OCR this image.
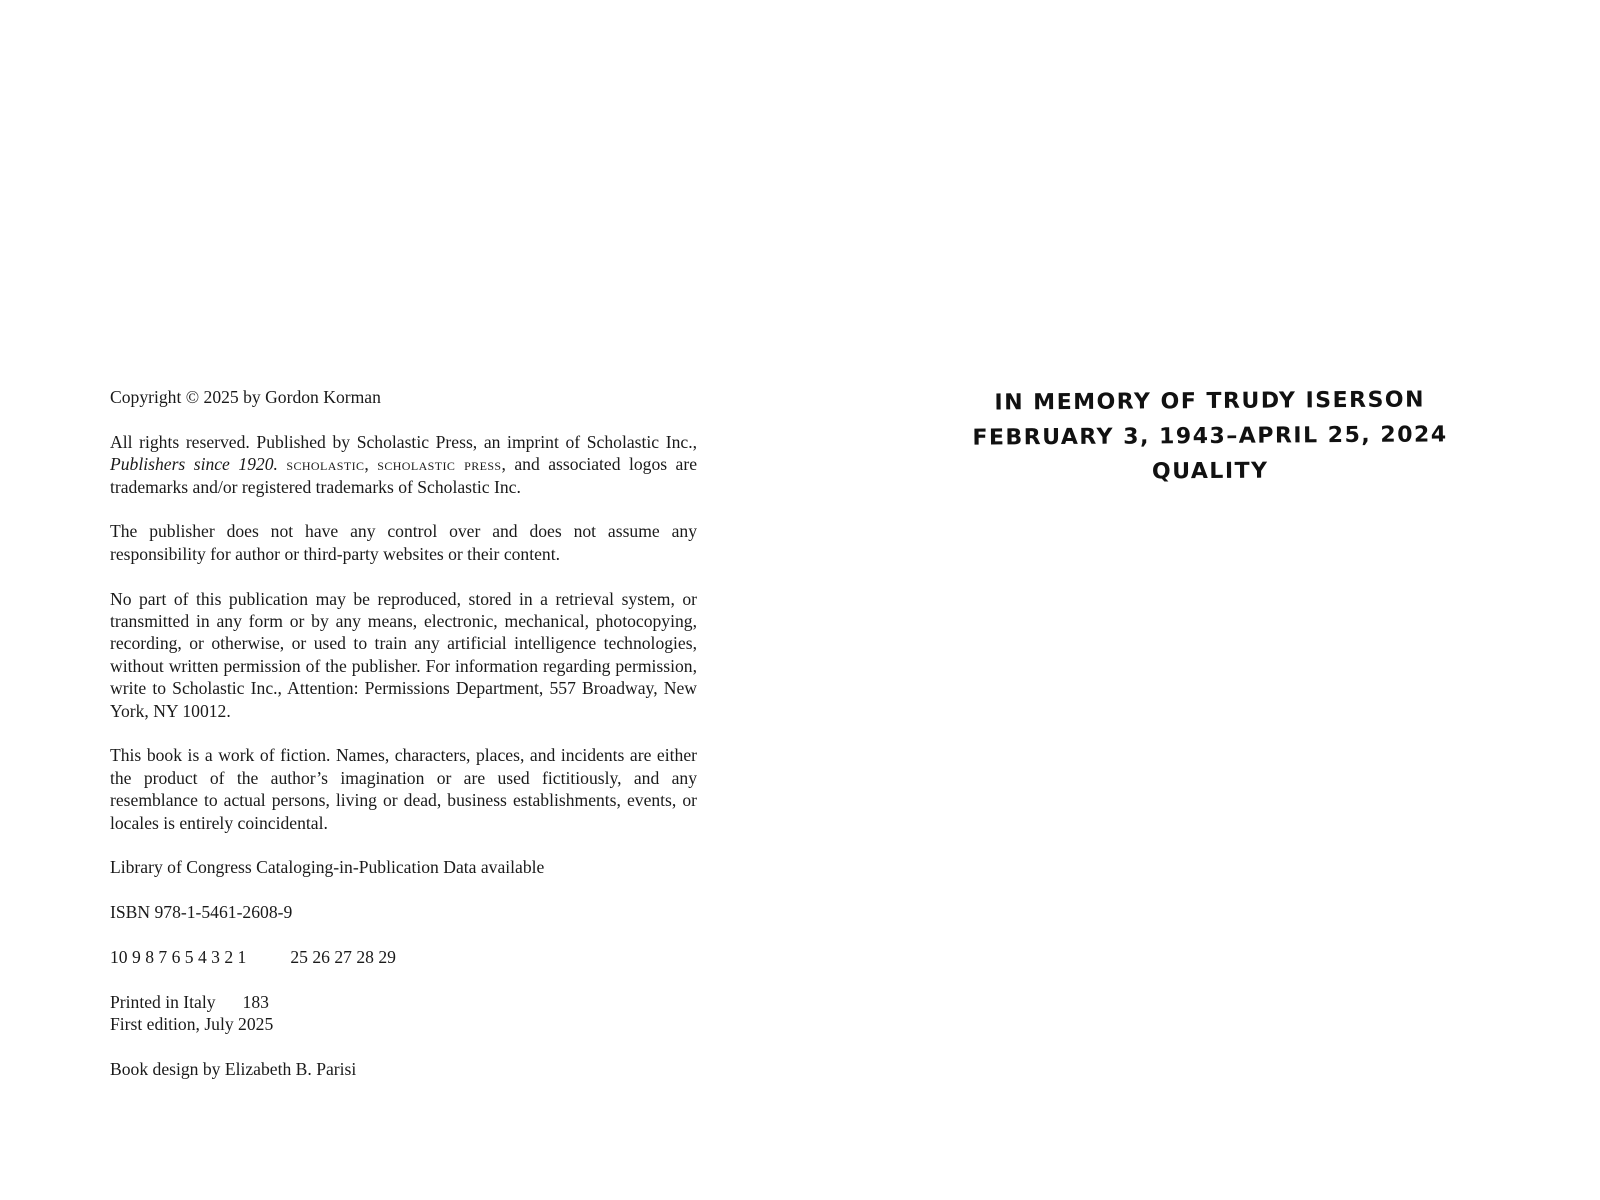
Copyright © 2025 by Gordon Korman

All rights reserved. Published by Scholastic Press, an imprint of Scholastic Inc., Publishers since 1920. scholastic, scholastic press, and associated logos are trademarks and/or registered trademarks of Scholastic Inc.

The publisher does not have any control over and does not assume any responsibility for author or third-party websites or their content.

No part of this publication may be reproduced, stored in a retrieval system, or transmitted in any form or by any means, electronic, mechanical, photocopying, recording, or otherwise, or used to train any artificial intelligence technologies, without written permission of the publisher. For information regarding permission, write to Scholastic Inc., Attention: Permissions Department, 557 Broadway, New York, NY 10012.

This book is a work of fiction. Names, characters, places, and incidents are either the product of the author’s imagination or are used fictitiously, and any resemblance to actual persons, living or dead, business establishments, events, or locales is entirely coincidental.

Library of Congress Cataloging-in-Publication Data available

ISBN 978-1-5461-2608-9

10 9 8 7 6 5 4 3 2 1	25 26 27 28 29

Printed in Italy 183
First edition, July 2025

Book design by Elizabeth B. Parisi

IN MEMORY OF TRUDY ISERSON
FEBRUARY 3, 1943–APRIL 25, 2024
QUALITY
